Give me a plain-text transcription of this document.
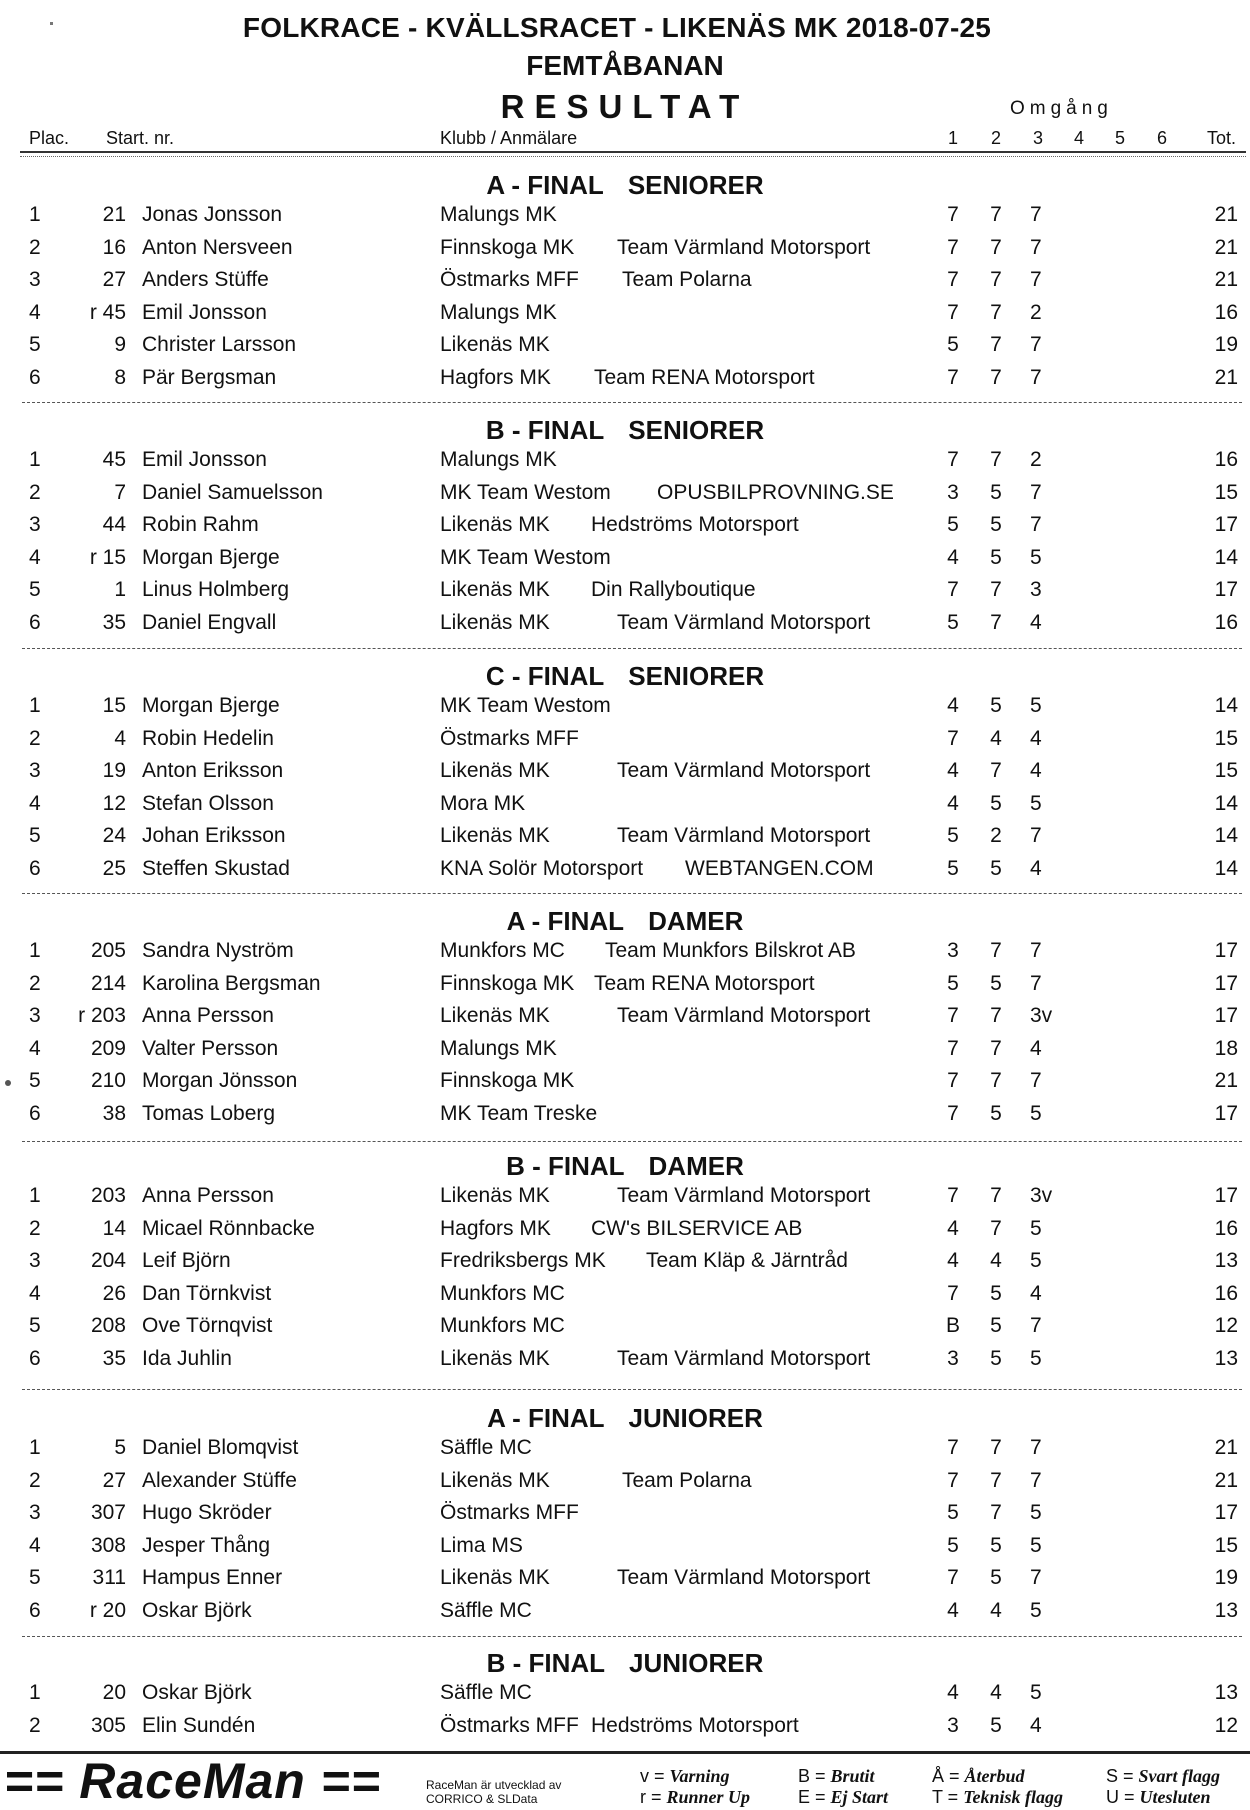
FOLKRACE - KVÄLLSRACET - LIKENÄS MK 2018-07-25
FEMTÅBANAN
RESULTAT	Omgång
Plac. Start. nr.	Klubb / Anmälare	1 2 3 4 5 6 Tot.
A - FINAL SENIORER
1	21 Jonas Jonsson	Malungs MK	7 7 7	21
2	16 Anton Nersveen	Finnskoga MK Team Värmland Motorsport	7 7 7	21
3	27 Anders Stüffe	Östmarks MFF Team Polarna	7 7 7	21
4 r 45 Emil Jonsson	Malungs MK	7 7 2	16
5	9 Christer Larsson	Likenäs MK	5 7 7	19
6	8 Pär Bergsman	Hagfors MK Team RENA Motorsport	7 7 7	21
B - FINAL SENIORER
1	45 Emil Jonsson	Malungs MK	7 7 2	16
2	7 Daniel Samuelsson	MK Team Westom OPUSBILPROVNING.SE	3 5 7	15
3	44 Robin Rahm	Likenäs MK Hedströms Motorsport	5 5 7	17
4 r 15 Morgan Bjerge	MK Team Westom	4 5 5	14
5	1 Linus Holmberg	Likenäs MK Din Rallyboutique	7 7 3	17
6	35 Daniel Engvall	Likenäs MK	Team Värmland Motorsport	5 7 4	16
C - FINAL SENIORER
1	15 Morgan Bjerge	MK Team Westom	4 5 5	14
2	4 Robin Hedelin	Östmarks MFF	7 4 4	15
3	19 Anton Eriksson	Likenäs MK	Team Värmland Motorsport	4 7 4	15
4	12 Stefan Olsson	Mora MK	4 5 5	14
5	24 Johan Eriksson	Likenäs MK	Team Värmland Motorsport	5 2 7	14
6	25 Steffen Skustad	KNA Solör Motorsport WEBTANGEN.COM	5 5 4	14
A - FINAL DAMER
1 205 Sandra Nyström	Munkfors MC Team Munkfors Bilskrot AB	3 7 7	17
2 214 Karolina Bergsman	Finnskoga MK Team RENA Motorsport	5 5 7	17
3 r 203 Anna Persson	Likenäs MK	Team Värmland Motorsport	7 7 3v	17
4 209 Valter Persson	Malungs MK	7 7 4	18
5 210 Morgan Jönsson	Finnskoga MK	7 7 7	21
6	38 Tomas Loberg	MK Team Treske	7 5 5	17
B - FINAL DAMER
1 203 Anna Persson	Likenäs MK	Team Värmland Motorsport	7 7 3v	17
2	14 Micael Rönnbacke	Hagfors MK CW's BILSERVICE AB	4 7 5	16
3 204 Leif Björn	Fredriksbergs MK Team Kläp & Järntråd	4 4 5	13
4	26 Dan Törnkvist	Munkfors MC	7 5 4	16
5 208 Ove Törnqvist	Munkfors MC	B 5 7	12
6	35 Ida Juhlin	Likenäs MK	Team Värmland Motorsport	3 5 5	13
A - FINAL JUNIORER
1	5 Daniel Blomqvist	Säffle MC	7 7 7	21
2	27 Alexander Stüffe	Likenäs MK	Team Polarna	7 7 7	21
3 307 Hugo Skröder	Östmarks MFF	5 7 5	17
4 308 Jesper Thång	Lima MS	5 5 5	15
5 311 Hampus Enner	Likenäs MK	Team Värmland Motorsport	7 5 7	19
6 r 20 Oskar Björk	Säffle MC	4 4 5	13
B - FINAL JUNIORER
1	20 Oskar Björk	Säffle MC	4 4 5	13
2 305 Elin Sundén	Östmarks MFF Hedströms Motorsport	3 5 4	12
== RaceMan ==	RaceMan är utvecklad av
CORRICO & SLData
v = Varning
r = Runner Up
B = Brutit
E = Ej Start
Å = Återbud
T = Teknisk flagg
S = Svart flagg
U = Utesluten
